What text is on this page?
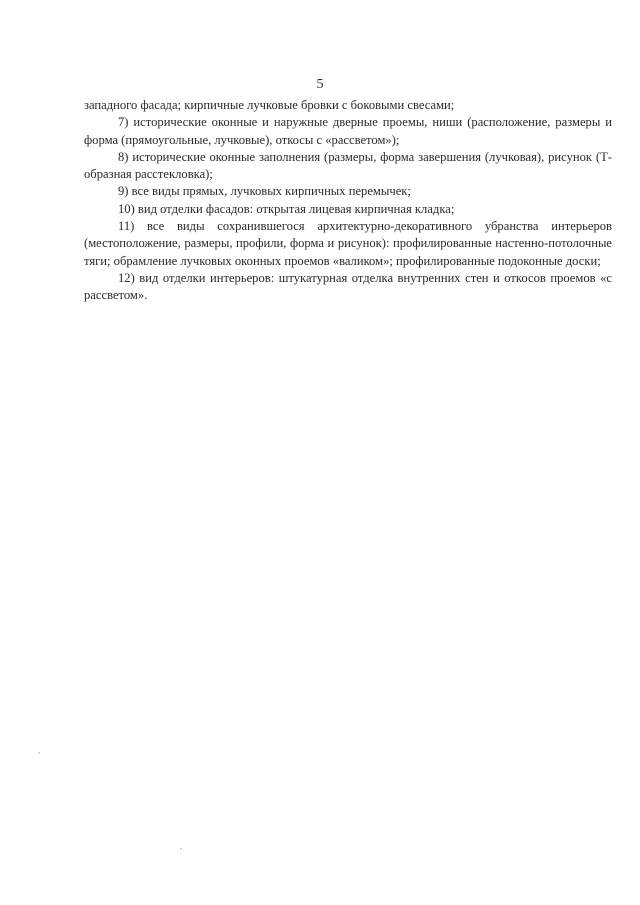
5

западного фасада; кирпичные лучковые бровки с боковыми свесами;

7) исторические оконные и наружные дверные проемы, ниши (расположение, размеры и форма (прямоугольные, лучковые), откосы с «рассветом»);

8) исторические оконные заполнения (размеры, форма завершения (лучковая), рисунок (Т-образная расстекловка);

9) все виды прямых, лучковых кирпичных перемычек;

10) вид отделки фасадов: открытая лицевая кирпичная кладка;

11) все виды сохранившегося архитектурно-декоративного убранства интерьеров (местоположение, размеры, профили, форма и рисунок): профилированные настенно-потолочные тяги; обрамление лучковых оконных проемов «валиком»; профилированные подоконные доски;

12) вид отделки интерьеров: штукатурная отделка внутренних стен и откосов проемов «с рассветом».
